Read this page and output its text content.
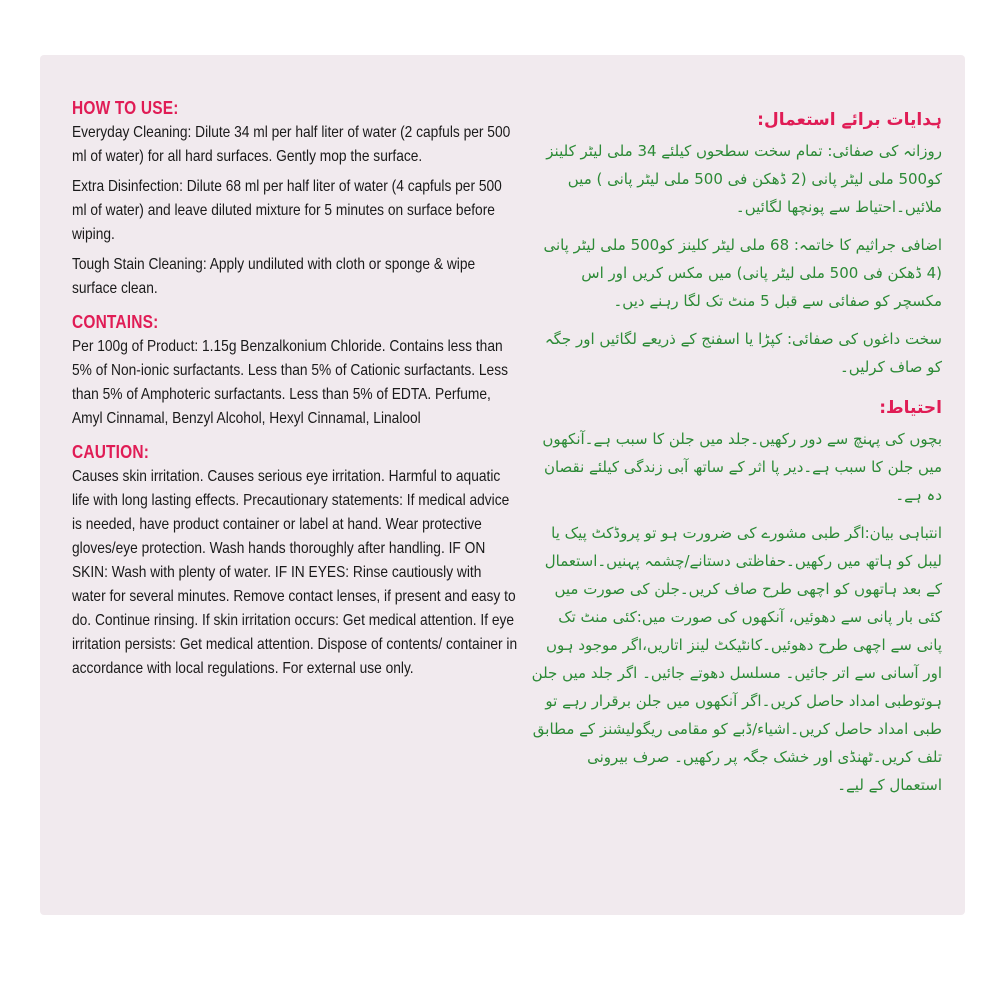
HOW TO USE:

Everyday Cleaning: Dilute 34 ml per half liter of water (2 capfuls per 500 ml of water) for all hard surfaces. Gently mop the surface.

Extra Disinfection: Dilute 68 ml per half liter of water (4 capfuls per 500 ml of water) and leave diluted mixture for 5 minutes on surface before wiping.

Tough Stain Cleaning: Apply undiluted with cloth or sponge & wipe surface clean.

CONTAINS:

Per 100g of Product: 1.15g Benzalkonium Chloride. Contains less than 5% of Non-ionic surfactants. Less than 5% of Cationic surfactants. Less than 5% of Amphoteric surfactants. Less than 5% of EDTA. Perfume, Amyl Cinnamal, Benzyl Alcohol, Hexyl Cinnamal, Linalool

CAUTION:

Causes skin irritation. Causes serious eye irritation. Harmful to aquatic life with long lasting effects. Precautionary statements: If medical advice is needed, have product container or label at hand. Wear protective gloves/eye protection. Wash hands thoroughly after handling. IF ON SKIN: Wash with plenty of water. IF IN EYES: Rinse cautiously with water for several minutes. Remove contact lenses, if present and easy to do. Continue rinsing. If skin irritation occurs: Get medical attention. If eye irritation persists: Get medical attention. Dispose of contents/ container in accordance with local regulations. For external use only.

ہدایات برائے استعمال:

روزانہ کی صفائی: تمام سخت سطحوں کیلئے 34 ملی لیٹر کلینز کو500 ملی لیٹر پانی (2 ڈھکن فی 500 ملی لیٹر پانی ) میں ملائیں۔احتیاط سے پونچھا لگائیں۔

اضافی جراثیم کا خاتمہ: 68 ملی لیٹر کلینز کو500 ملی لیٹر پانی (4 ڈھکن فی 500 ملی لیٹر پانی) میں مکس کریں اور اس مکسچر کو صفائی سے قبل 5 منٹ تک لگا رہنے دیں۔

سخت داغوں کی صفائی: کپڑا یا اسفنج کے ذریعے لگائیں اور جگہ کو صاف کرلیں۔

احتیاط:

بچوں کی پہنچ سے دور رکھیں۔جلد میں جلن کا سبب ہے۔آنکھوں میں جلن کا سبب ہے۔دیر پا اثر کے ساتھ آبی زندگی کیلئے نقصان دہ ہے۔

انتباہی بیان:اگر طبی مشورے کی ضرورت ہو تو پروڈکٹ پیک یا لیبل کو ہاتھ میں رکھیں۔حفاظتی دستانے/چشمہ پہنیں۔استعمال کے بعد ہاتھوں کو اچھی طرح صاف کریں۔جلن کی صورت میں کئی بار پانی سے دھوئیں، آنکھوں کی صورت میں:کئی منٹ تک پانی سے اچھی طرح دھوئیں۔کانٹیکٹ لینز اتاریں،اگر موجود ہوں اور آسانی سے اتر جائیں۔ مسلسل دھوتے جائیں۔ اگر جلد میں جلن ہوتوطبی امداد حاصل کریں۔اگر آنکھوں میں جلن برقرار رہے تو طبی امداد حاصل کریں۔اشیاء/ڈبے کو مقامی ریگولیشنز کے مطابق تلف کریں۔ٹھنڈی اور خشک جگہ پر رکھیں۔ صرف بیرونی استعمال کے لیے۔
